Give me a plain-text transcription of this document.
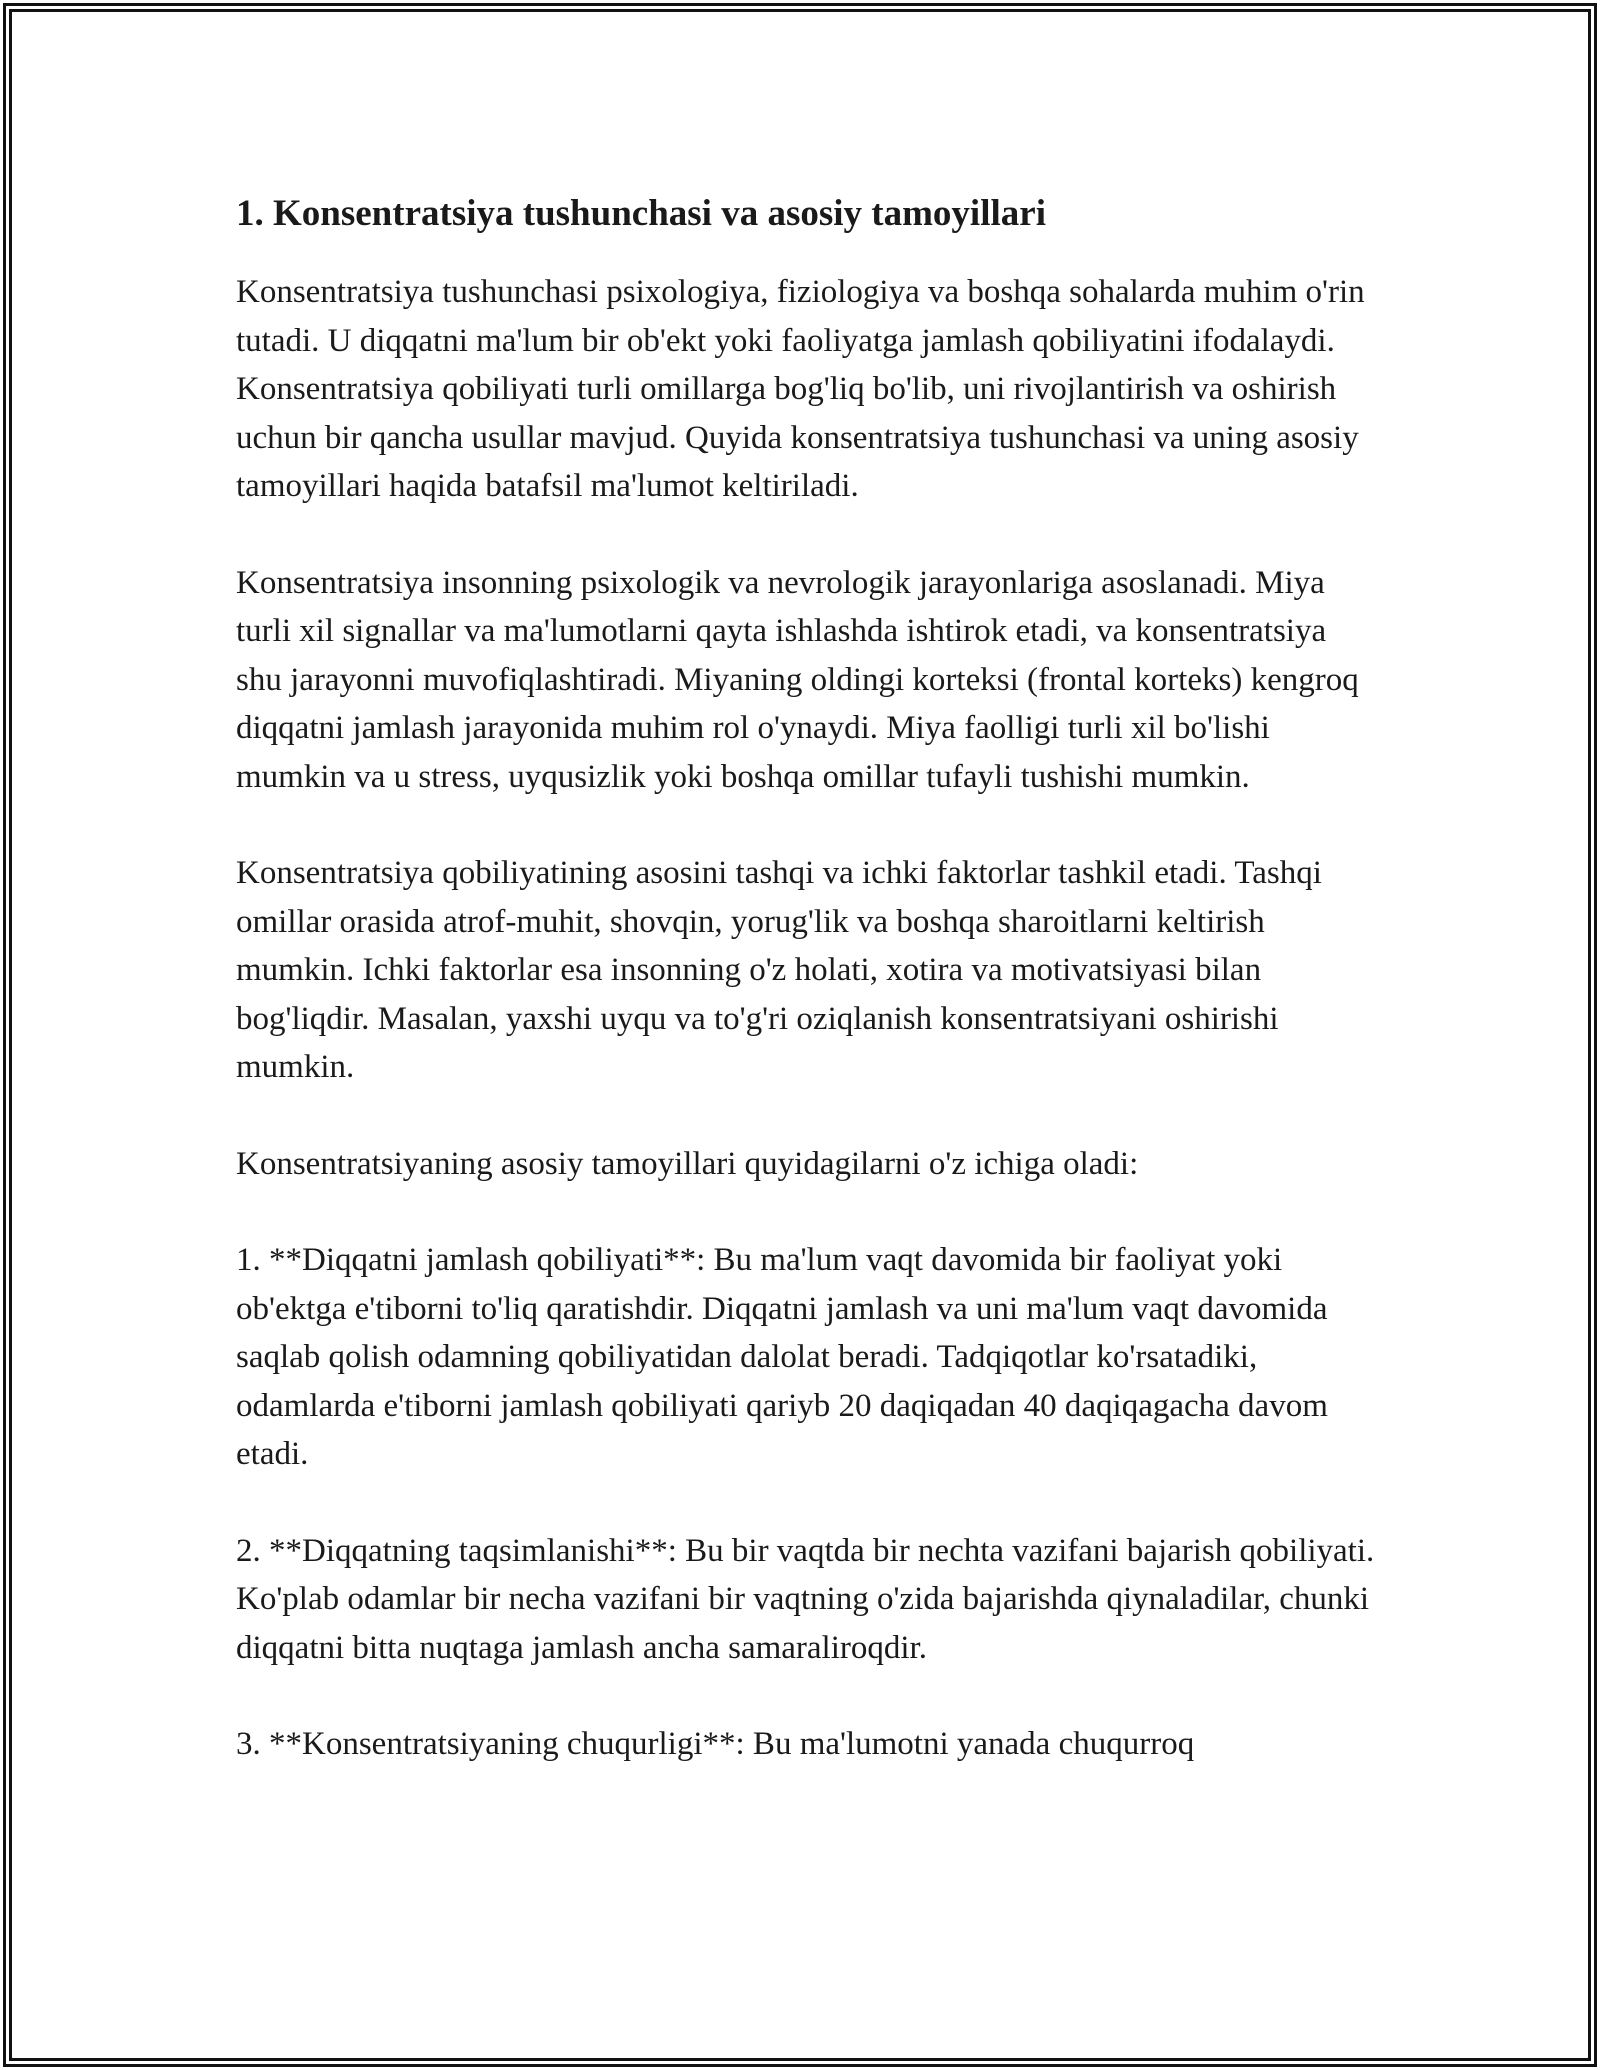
1. Konsentratsiya tushunchasi va asosiy tamoyillari

Konsentratsiya tushunchasi psixologiya, fiziologiya va boshqa sohalarda muhim o'rin tutadi. U diqqatni ma'lum bir ob'ekt yoki faoliyatga jamlash qobiliyatini ifodalaydi. Konsentratsiya qobiliyati turli omillarga bog'liq bo'lib, uni rivojlantirish va oshirish uchun bir qancha usullar mavjud. Quyida konsentratsiya tushunchasi va uning asosiy tamoyillari haqida batafsil ma'lumot keltiriladi.

Konsentratsiya insonning psixologik va nevrologik jarayonlariga asoslanadi. Miya turli xil signallar va ma'lumotlarni qayta ishlashda ishtirok etadi, va konsentratsiya shu jarayonni muvofiqlashtiradi. Miyaning oldingi korteksi (frontal korteks) kengroq diqqatni jamlash jarayonida muhim rol o'ynaydi. Miya faolligi turli xil bo'lishi mumkin va u stress, uyqusizlik yoki boshqa omillar tufayli tushishi mumkin.

Konsentratsiya qobiliyatining asosini tashqi va ichki faktorlar tashkil etadi. Tashqi omillar orasida atrof-muhit, shovqin, yorug'lik va boshqa sharoitlarni keltirish mumkin. Ichki faktorlar esa insonning o'z holati, xotira va motivatsiyasi bilan bog'liqdir. Masalan, yaxshi uyqu va to'g'ri oziqlanish konsentratsiyani oshirishi mumkin.

Konsentratsiyaning asosiy tamoyillari quyidagilarni o'z ichiga oladi:

1. **Diqqatni jamlash qobiliyati**: Bu ma'lum vaqt davomida bir faoliyat yoki ob'ektga e'tiborni to'liq qaratishdir. Diqqatni jamlash va uni ma'lum vaqt davomida saqlab qolish odamning qobiliyatidan dalolat beradi. Tadqiqotlar ko'rsatadiki, odamlarda e'tiborni jamlash qobiliyati qariyb 20 daqiqadan 40 daqiqagacha davom etadi.

2. **Diqqatning taqsimlanishi**: Bu bir vaqtda bir nechta vazifani bajarish qobiliyati. Ko'plab odamlar bir necha vazifani bir vaqtning o'zida bajarishda qiynaladilar, chunki diqqatni bitta nuqtaga jamlash ancha samaraliroqdir.

3. **Konsentratsiyaning chuqurligi**: Bu ma'lumotni yanada chuqurroq
